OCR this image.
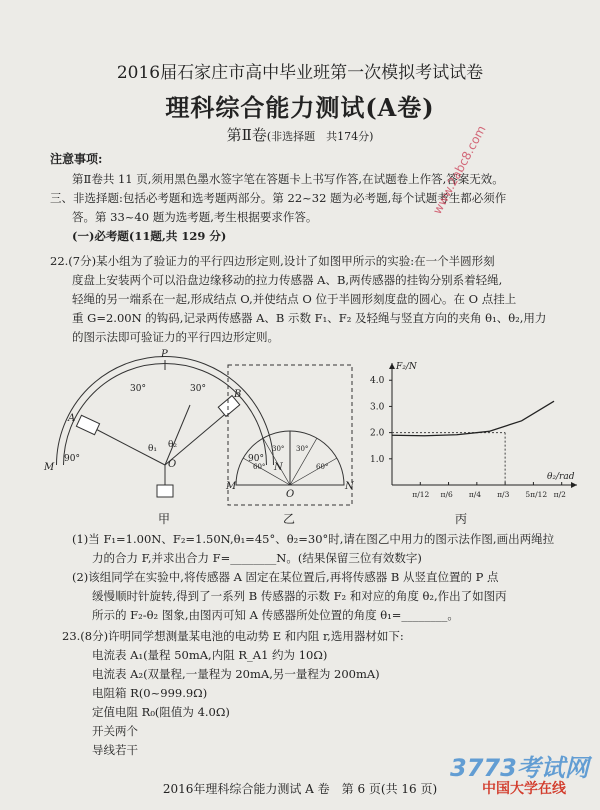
2016届石家庄市高中毕业班第一次模拟考试试卷
理科综合能力测试(A卷)
第Ⅱ卷(非选择题　共174分)
注意事项:
第Ⅱ卷共 11 页,须用黑色墨水签字笔在答题卡上书写作答,在试题卷上作答,答案无效。
三、非选择题:包括必考题和选考题两部分。第 22~32 题为必考题,每个试题考生都必须作
答。第 33~40 题为选考题,考生根据要求作答。
(一)必考题(11题,共 129 分)
22.(7分)某小组为了验证力的平行四边形定则,设计了如图甲所示的实验:在一个半圆形刻
度盘上安装两个可以沿盘边缘移动的拉力传感器 A、B,两传感器的挂钩分别系着轻绳,
轻绳的另一端系在一起,形成结点 O,并使结点 O 位于半圆形刻度盘的圆心。在 O 点挂上
重 G=2.00N 的钩码,记录两传感器 A、B 示数 F₁、F₂ 及轻绳与竖直方向的夹角 θ₁、θ₂,用力
的图示法即可验证力的平行四边形定则。
P
A
B
M	N
O
30°	30°
90°	90°
θ₁ θ₂
甲
M	N
O
30° 30°
60°	60°
乙	丙
1.0
2.0
3.0
4.0
π/12 π/6 π/4 π/3 5π/12 π/2
F₂/N
θ₂/rad
(1)当 F₁=1.00N、F₂=1.50N,θ₁=45°、θ₂=30°时,请在图乙中用力的图示法作图,画出两绳拉
力的合力 F,并求出合力 F=________N。(结果保留三位有效数字)
(2)该组同学在实验中,将传感器 A 固定在某位置后,再将传感器 B 从竖直位置的 P 点
缓慢顺时针旋转,得到了一系列 B 传感器的示数 F₂ 和对应的角度 θ₂,作出了如图丙
所示的 F₂-θ₂ 图象,由图丙可知 A 传感器所处位置的角度 θ₁=________。
23.(8分)许明同学想测量某电池的电动势 E 和内阻 r,选用器材如下:
电流表 A₁(量程 50mA,内阻 R_A1 约为 10Ω)
电流表 A₂(双量程,一量程为 20mA,另一量程为 200mA)
电阻箱 R(0~999.9Ω)
定值电阻 R₀(阻值为 4.0Ω)
开关两个
导线若干
2016年理科综合能力测试 A 卷　第 6 页(共 16 页)
www.2abc8.com
3773考试网
中国大学在线
